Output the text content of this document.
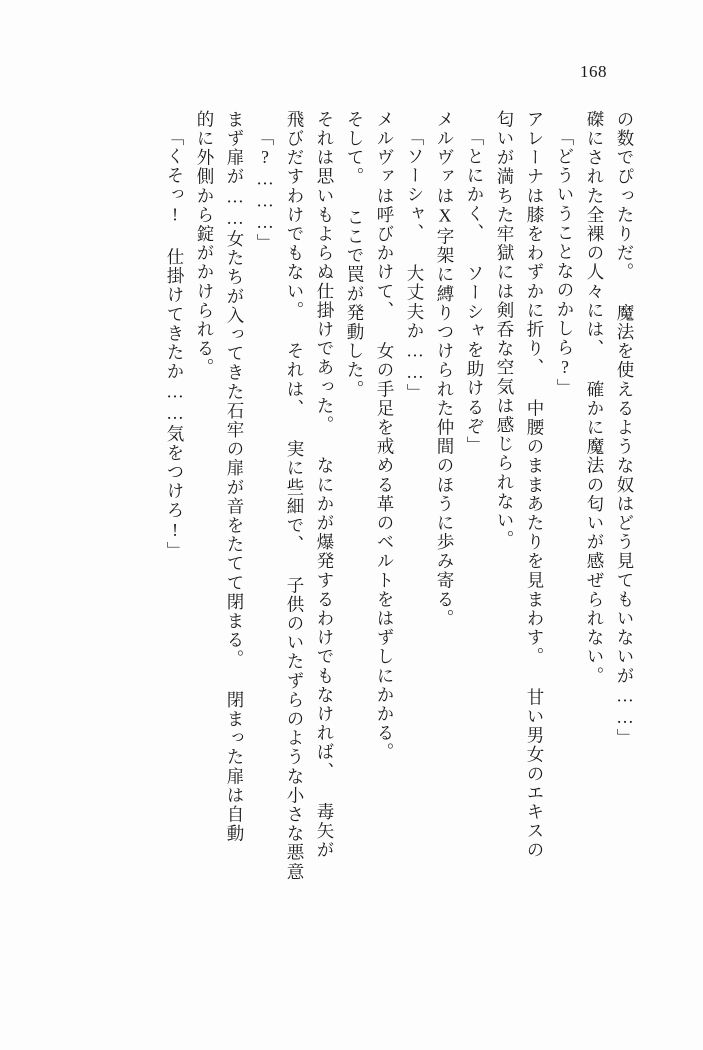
168
の数でぴったりだ。 魔法を使えるような奴はどう見てもいないが……」
磔にされた全裸の人々には、 確かに魔法の匂いが感ぜられない。
「どういうことなのかしら?」
アレーナは膝をわずかに折り、 中腰のままあたりを見まわす。 甘い男女のエキスの
匂いが満ちた牢獄には剣呑な空気は感じられない。
「とにかく、 ソーシャを助けるぞ」
メルヴァはX字架に縛りつけられた仲間のほうに歩み寄る。
「ソーシャ、 大丈夫か……」
メルヴァは呼びかけて、 女の手足を戒める革のベルトをはずしにかかる。
そして。 ここで罠が発動した。
それは思いもよらぬ仕掛けであった。 なにかが爆発するわけでもなければ、 毒矢が
飛びだすわけでもない。 それは、 実に些細で、 子供のいたずらのような小さな悪意
「?………」
まず扉が……女たちが入ってきた石牢の扉が音をたてて閉まる。 閉まった扉は自動
的に外側から錠がかけられる。
「くそっ! 仕掛けてきたか……気をつけろ!」
